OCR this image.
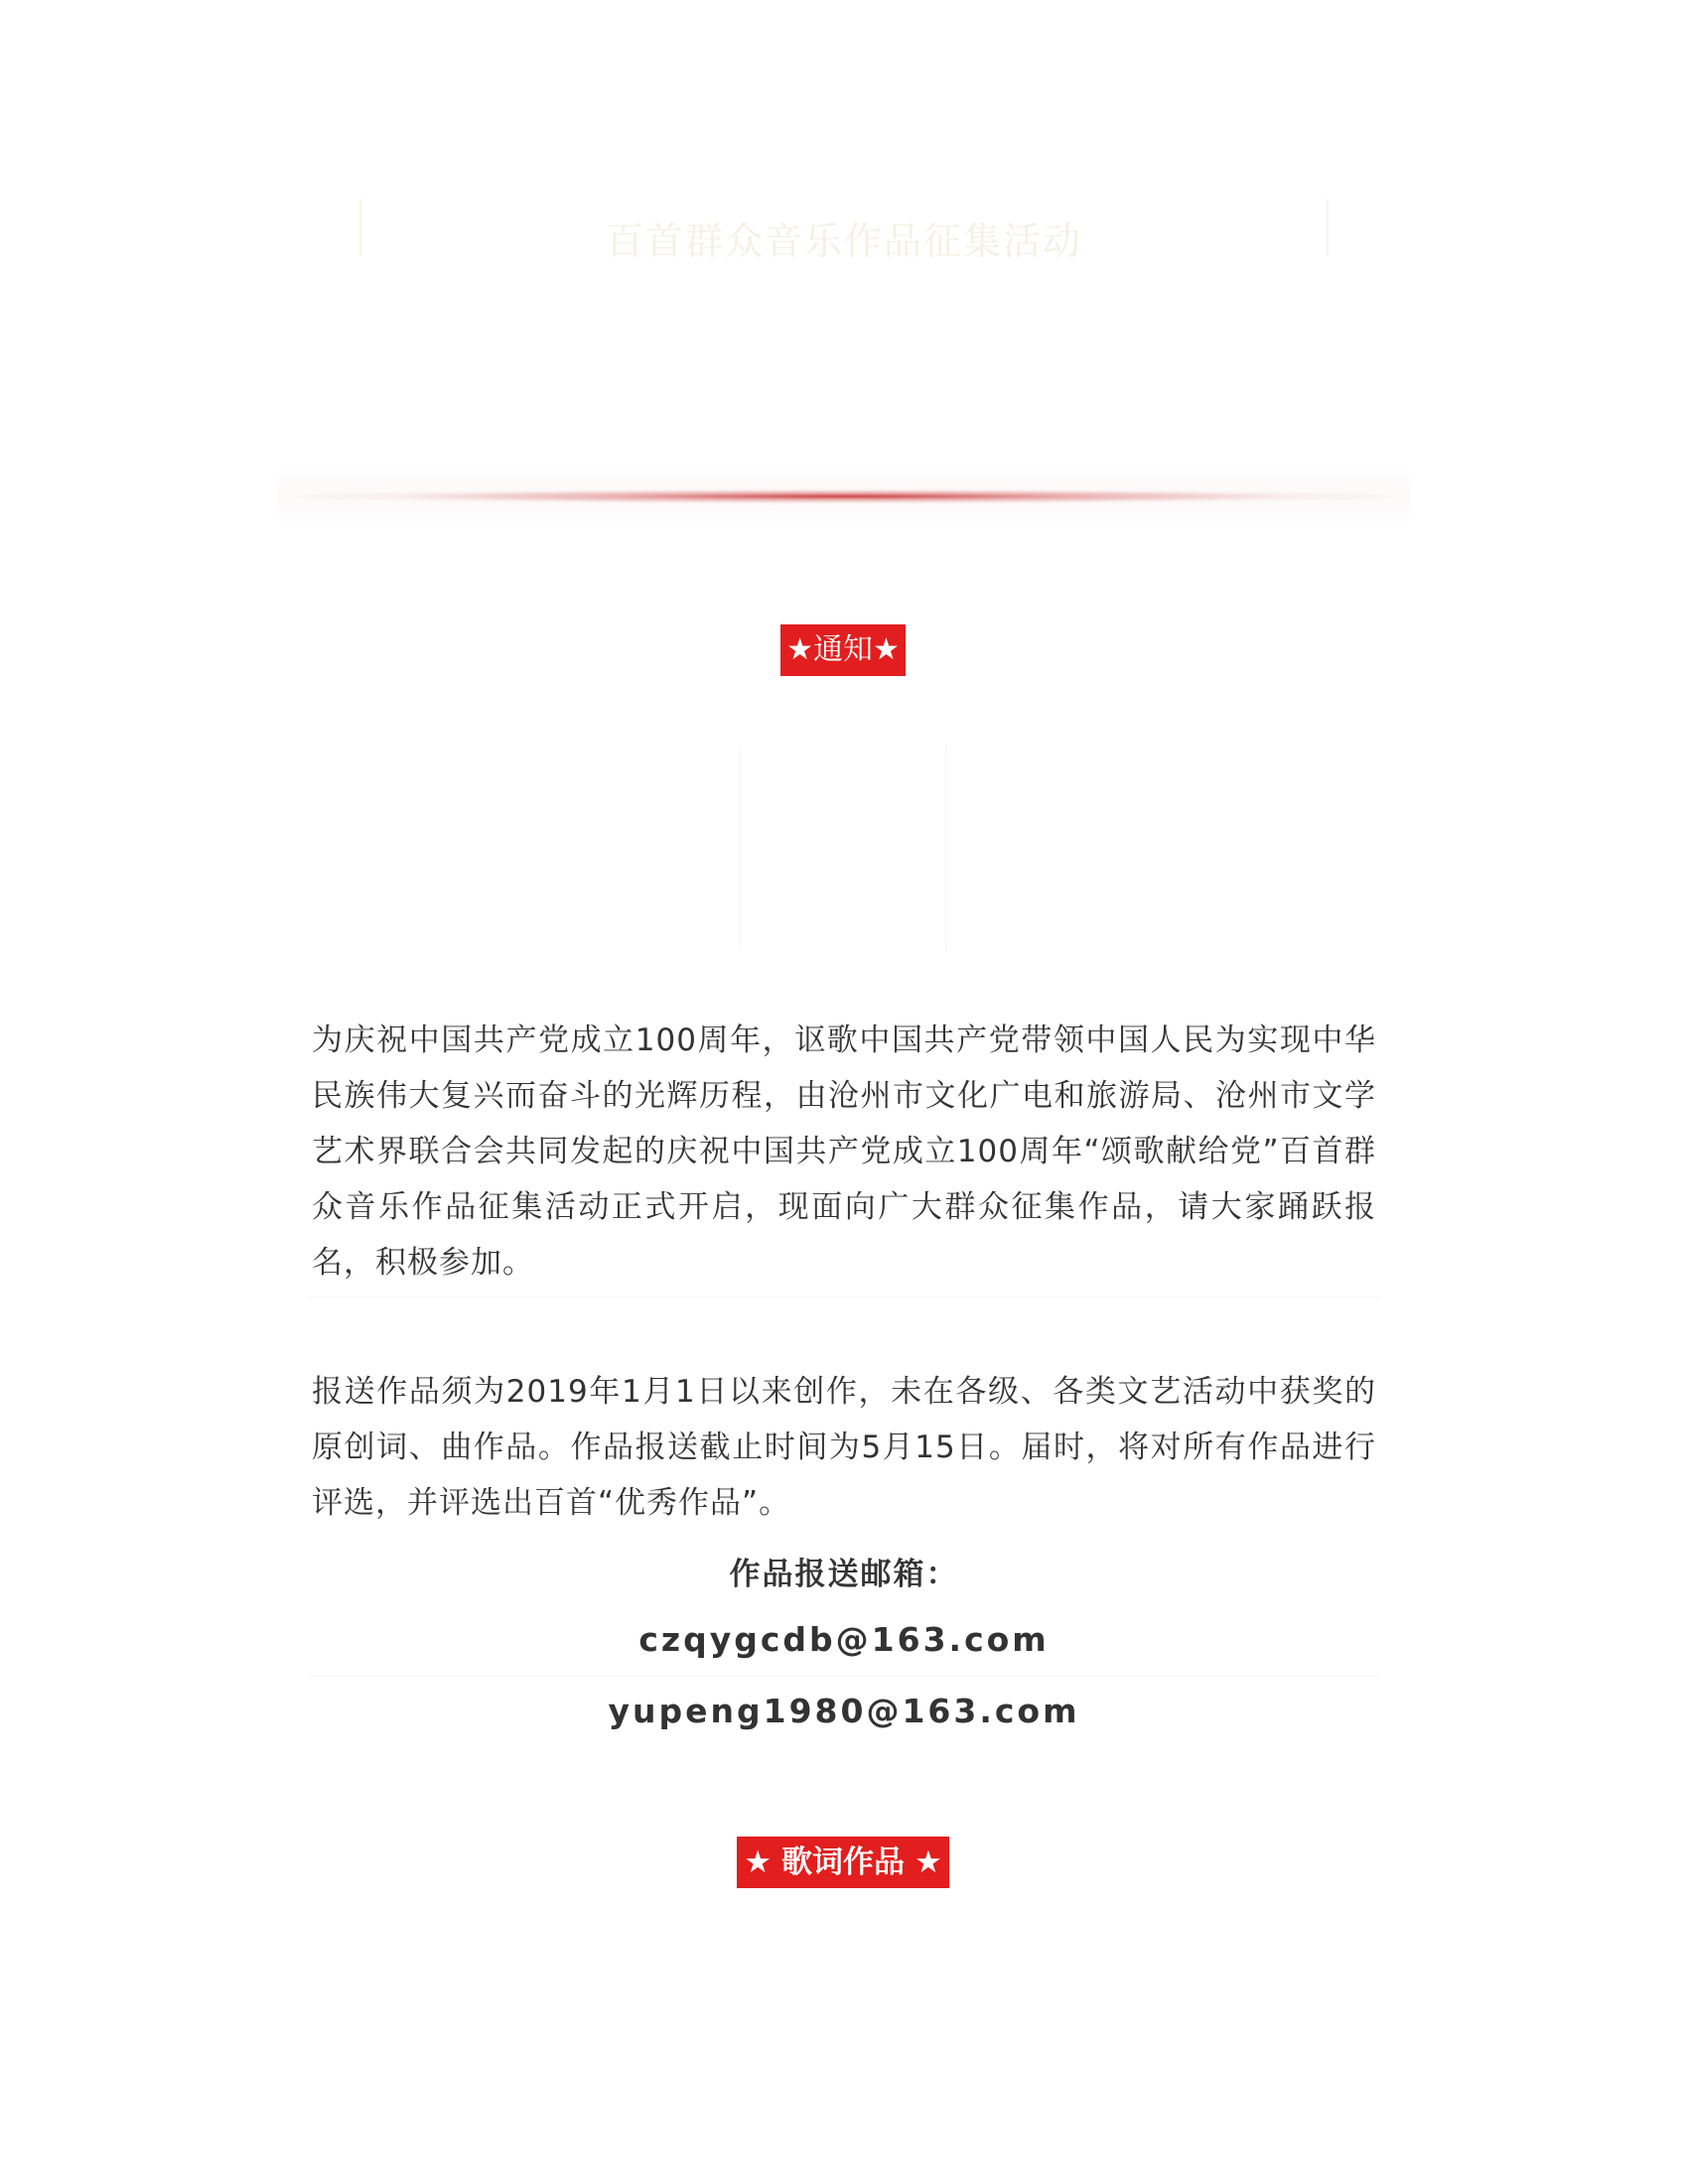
百首群众音乐作品征集活动
★通知★
为庆祝中国共产党成立100周年，讴歌中国共产党带领中国人民为实现中华民族伟大复兴而奋斗的光辉历程，由沧州市文化广电和旅游局、沧州市文学艺术界联合会共同发起的庆祝中国共产党成立100周年“颂歌献给党”百首群众音乐作品征集活动正式开启，现面向广大群众征集作品，请大家踊跃报名，积极参加。
报送作品须为2019年1月1日以来创作，未在各级、各类文艺活动中获奖的原创词、曲作品。作品报送截止时间为5月15日。届时，将对所有作品进行评选，并评选出百首“优秀作品”。
作品报送邮箱：
czqygcdb@163.com
yupeng1980@163.com
★ 歌词作品 ★
